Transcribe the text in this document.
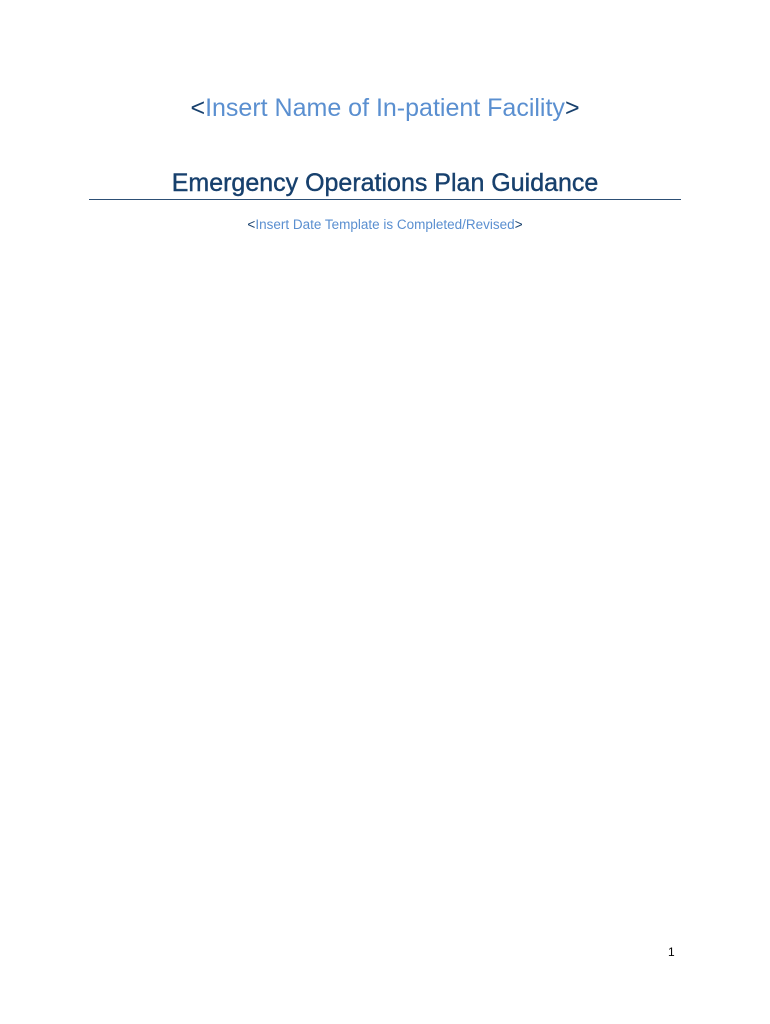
<Insert Name of In-patient Facility>
Emergency Operations Plan Guidance
<Insert Date Template is Completed/Revised>
1
